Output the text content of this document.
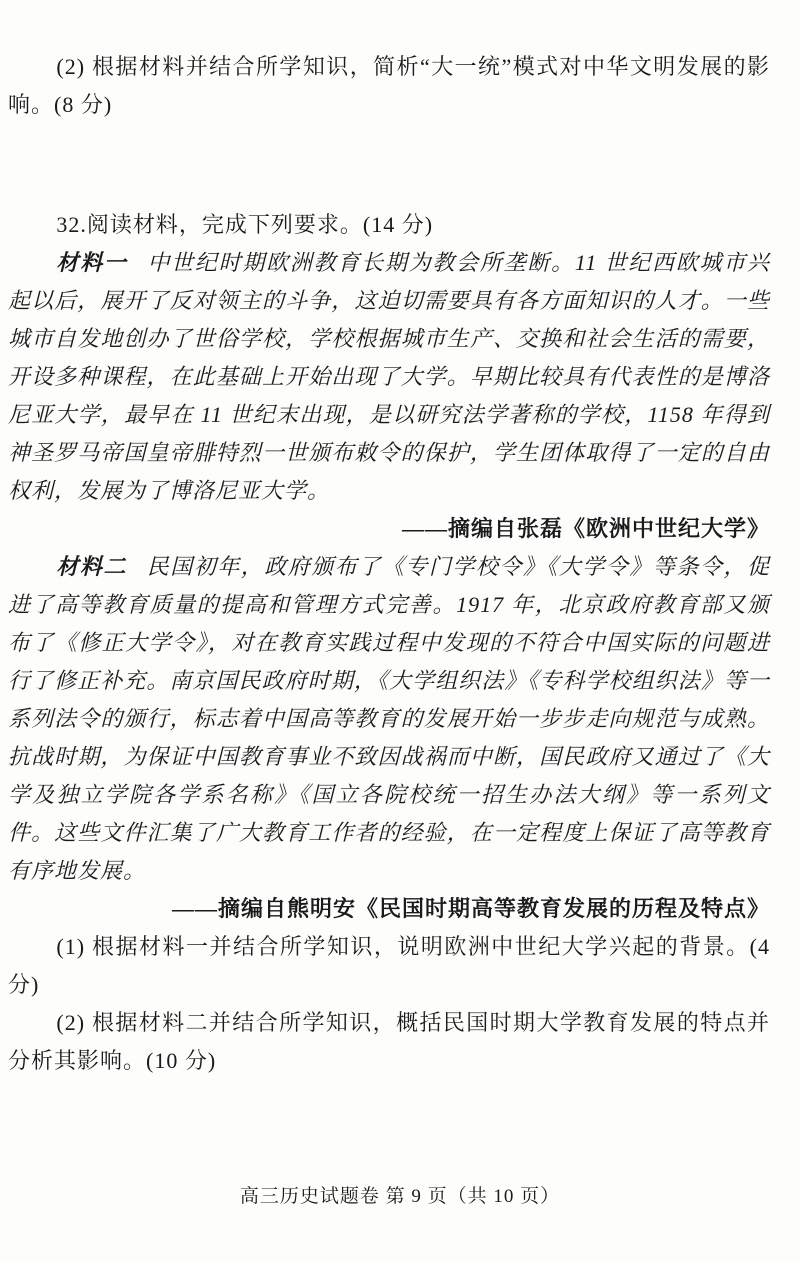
(2) 根据材料并结合所学知识，简析“大一统”模式对中华文明发展的影响。(8 分)

32.阅读材料，完成下列要求。(14 分)

材料一 中世纪时期欧洲教育长期为教会所垄断。11 世纪西欧城市兴起以后，展开了反对领主的斗争，这迫切需要具有各方面知识的人才。一些城市自发地创办了世俗学校，学校根据城市生产、交换和社会生活的需要，开设多种课程，在此基础上开始出现了大学。早期比较具有代表性的是博洛尼亚大学，最早在 11 世纪末出现，是以研究法学著称的学校，1158 年得到神圣罗马帝国皇帝腓特烈一世颁布敕令的保护，学生团体取得了一定的自由权利，发展为了博洛尼亚大学。

——摘编自张磊《欧洲中世纪大学》

材料二 民国初年，政府颁布了《专门学校令》《大学令》等条令，促进了高等教育质量的提高和管理方式完善。1917 年，北京政府教育部又颁布了《修正大学令》，对在教育实践过程中发现的不符合中国实际的问题进行了修正补充。南京国民政府时期，《大学组织法》《专科学校组织法》等一系列法令的颁行，标志着中国高等教育的发展开始一步步走向规范与成熟。抗战时期，为保证中国教育事业不致因战祸而中断，国民政府又通过了《大学及独立学院各学系名称》《国立各院校统一招生办法大纲》等一系列文件。这些文件汇集了广大教育工作者的经验，在一定程度上保证了高等教育有序地发展。

——摘编自熊明安《民国时期高等教育发展的历程及特点》

(1) 根据材料一并结合所学知识，说明欧洲中世纪大学兴起的背景。(4 分)

(2) 根据材料二并结合所学知识，概括民国时期大学教育发展的特点并分析其影响。(10 分)

高三历史试题卷 第 9 页（共 10 页）
